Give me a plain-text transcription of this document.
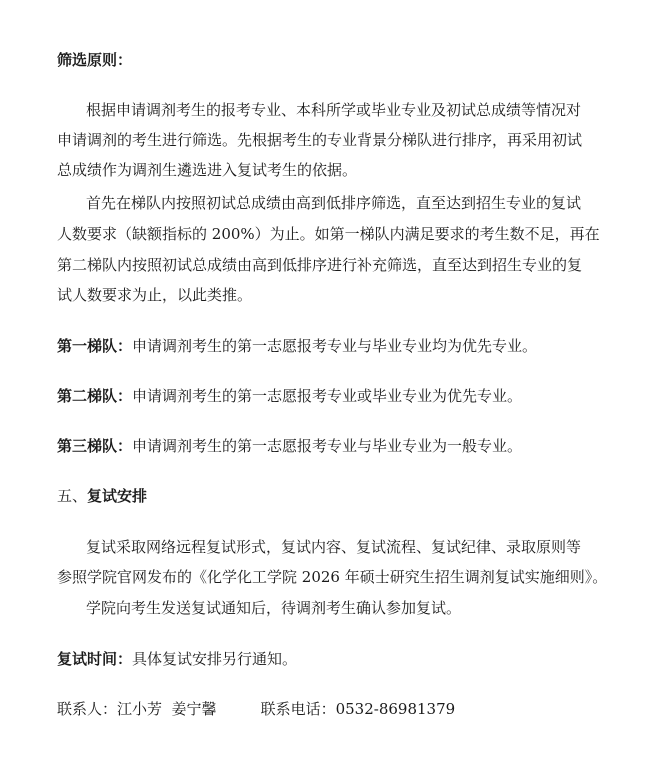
筛选原则：
根据申请调剂考生的报考专业、本科所学或毕业专业及初试总成绩等情况对
申请调剂的考生进行筛选。先根据考生的专业背景分梯队进行排序，再采用初试
总成绩作为调剂生遴选进入复试考生的依据。
首先在梯队内按照初试总成绩由高到低排序筛选，直至达到招生专业的复试
人数要求（缺额指标的 200%）为止。如第一梯队内满足要求的考生数不足，再在
第二梯队内按照初试总成绩由高到低排序进行补充筛选，直至达到招生专业的复
试人数要求为止，以此类推。
第一梯队：申请调剂考生的第一志愿报考专业与毕业专业均为优先专业。
第二梯队：申请调剂考生的第一志愿报考专业或毕业专业为优先专业。
第三梯队：申请调剂考生的第一志愿报考专业与毕业专业为一般专业。
五、复试安排
复试采取网络远程复试形式，复试内容、复试流程、复试纪律、录取原则等
参照学院官网发布的《化学化工学院 2026 年硕士研究生招生调剂复试实施细则》。
学院向考生发送复试通知后，待调剂考生确认参加复试。
复试时间：具体复试安排另行通知。
联系人：江小芳  姜宁馨	联系电话：0532-86981379
